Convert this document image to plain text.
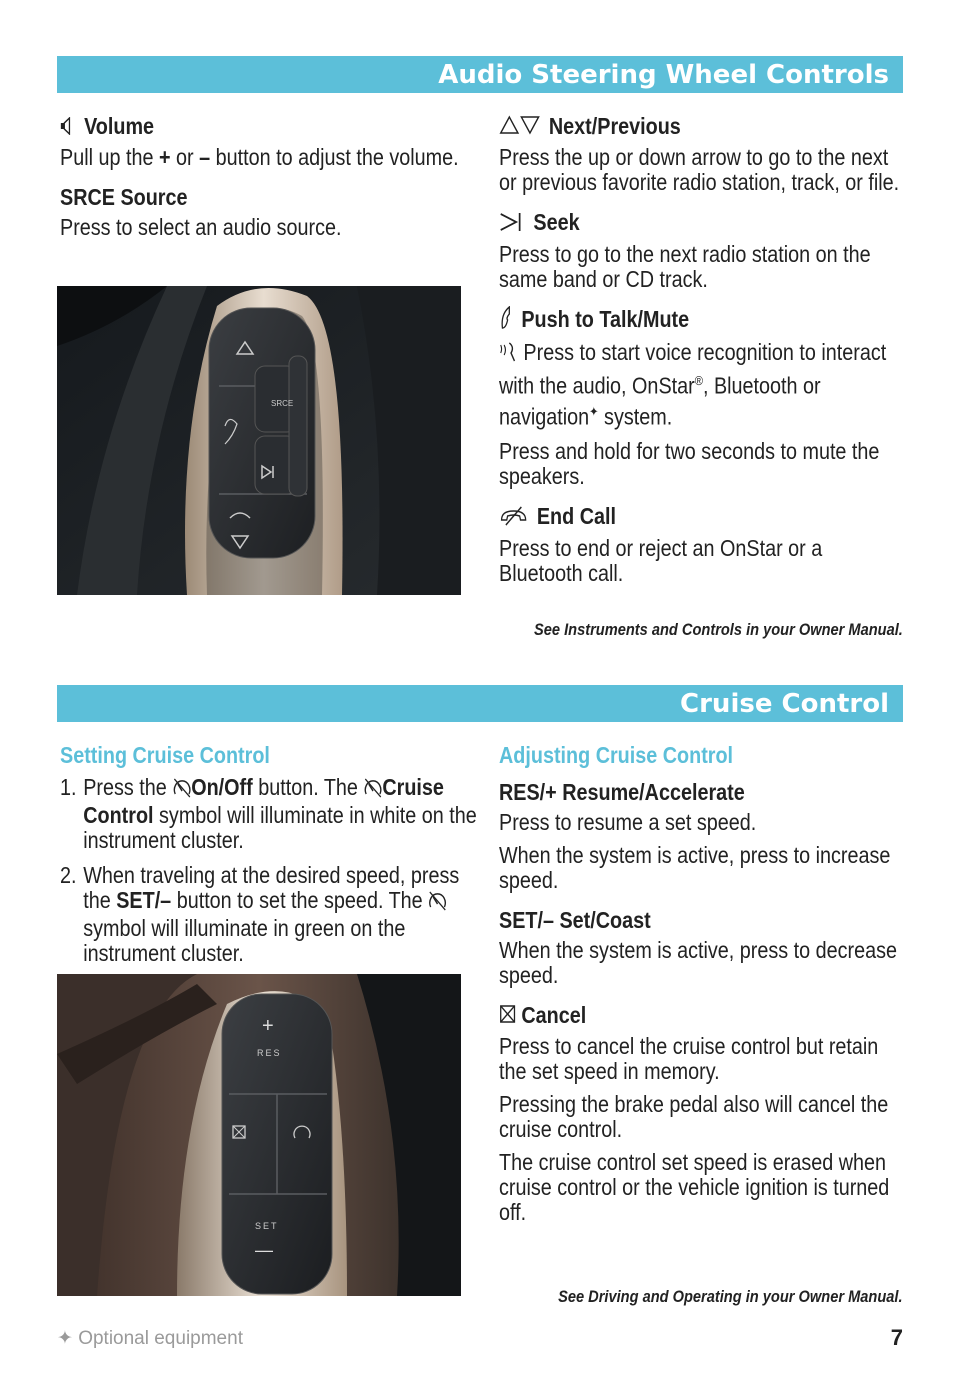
Audio Steering Wheel Controls
Volume
Pull up the + or – button to adjust the volume.
SRCE Source
Press to select an audio source.
SRCE
Next/Previous
Press the up or down arrow to go to the next or previous favorite radio station, track, or file.
Seek
Press to go to the next radio station on the same band or CD track.
Push to Talk/Mute
Press to start voice recognition to interact with the audio, OnStar®, Bluetooth or navigation✦ system.
Press and hold for two seconds to mute the speakers.
End Call
Press to end or reject an OnStar or a Bluetooth call.
See Instruments and Controls in your Owner Manual.
Cruise Control
Setting Cruise Control
1. Press the On/Off button. The Cruise Control symbol will illuminate in white on the instrument cluster.
2. When traveling at the desired speed, press the SET/– button to set the speed. The  symbol will illuminate in green on the instrument cluster.
+
RES
SET
—
Adjusting Cruise Control
RES/+ Resume/Accelerate
Press to resume a set speed.
When the system is active, press to increase speed.
SET/– Set/Coast
When the system is active, press to decrease speed.
Cancel
Press to cancel the cruise control but retain the set speed in memory.
Pressing the brake pedal also will cancel the cruise control.
The cruise control set speed is erased when cruise control or the vehicle ignition is turned off.
See Driving and Operating in your Owner Manual.
✦ Optional equipment	7
